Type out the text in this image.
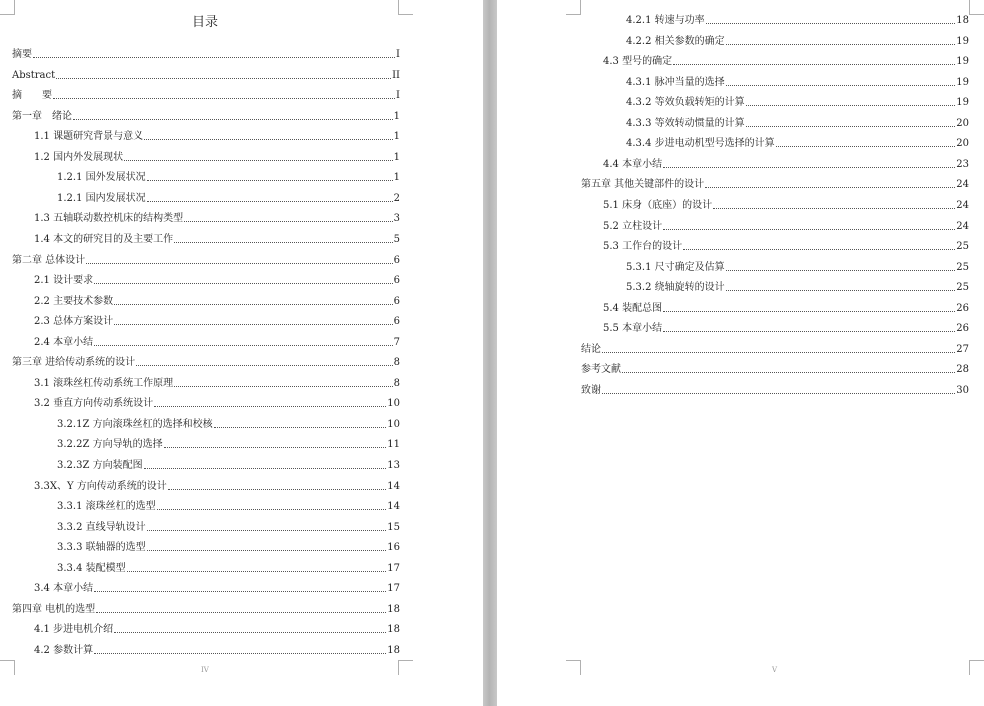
目录
摘要	I
Abstract	II
摘　　要	I
第一章　绪论	1
1.1 课题研究背景与意义	1
1.2 国内外发展现状	1
1.2.1 国外发展状况	1
1.2.1 国内发展状况	2
1.3 五轴联动数控机床的结构类型	3
1.4 本文的研究目的及主要工作	5
第二章 总体设计	6
2.1 设计要求	6
2.2 主要技术参数	6
2.3 总体方案设计	6
2.4 本章小结	7
第三章 进给传动系统的设计	8
3.1 滚珠丝杠传动系统工作原理	8
3.2 垂直方向传动系统设计	10
3.2.1Z 方向滚珠丝杠的选择和校核	10
3.2.2Z 方向导轨的选择	11
3.2.3Z 方向装配图	13
3.3X、Y 方向传动系统的设计	14
3.3.1 滚珠丝杠的选型	14
3.3.2 直线导轨设计	15
3.3.3 联轴器的选型	16
3.3.4 装配模型	17
3.4 本章小结	17
第四章 电机的选型	18
4.1 步进电机介绍	18
4.2 参数计算	18
IV
4.2.1 转速与功率	18
4.2.2 相关参数的确定	19
4.3 型号的确定	19
4.3.1 脉冲当量的选择	19
4.3.2 等效负载转矩的计算	19
4.3.3 等效转动惯量的计算	20
4.3.4 步进电动机型号选择的计算	20
4.4 本章小结	23
第五章 其他关键部件的设计	24
5.1 床身（底座）的设计	24
5.2 立柱设计	24
5.3 工作台的设计	25
5.3.1 尺寸确定及估算	25
5.3.2 绕轴旋转的设计	25
5.4 装配总图	26
5.5 本章小结	26
结论	27
参考文献	28
致谢	30
V
